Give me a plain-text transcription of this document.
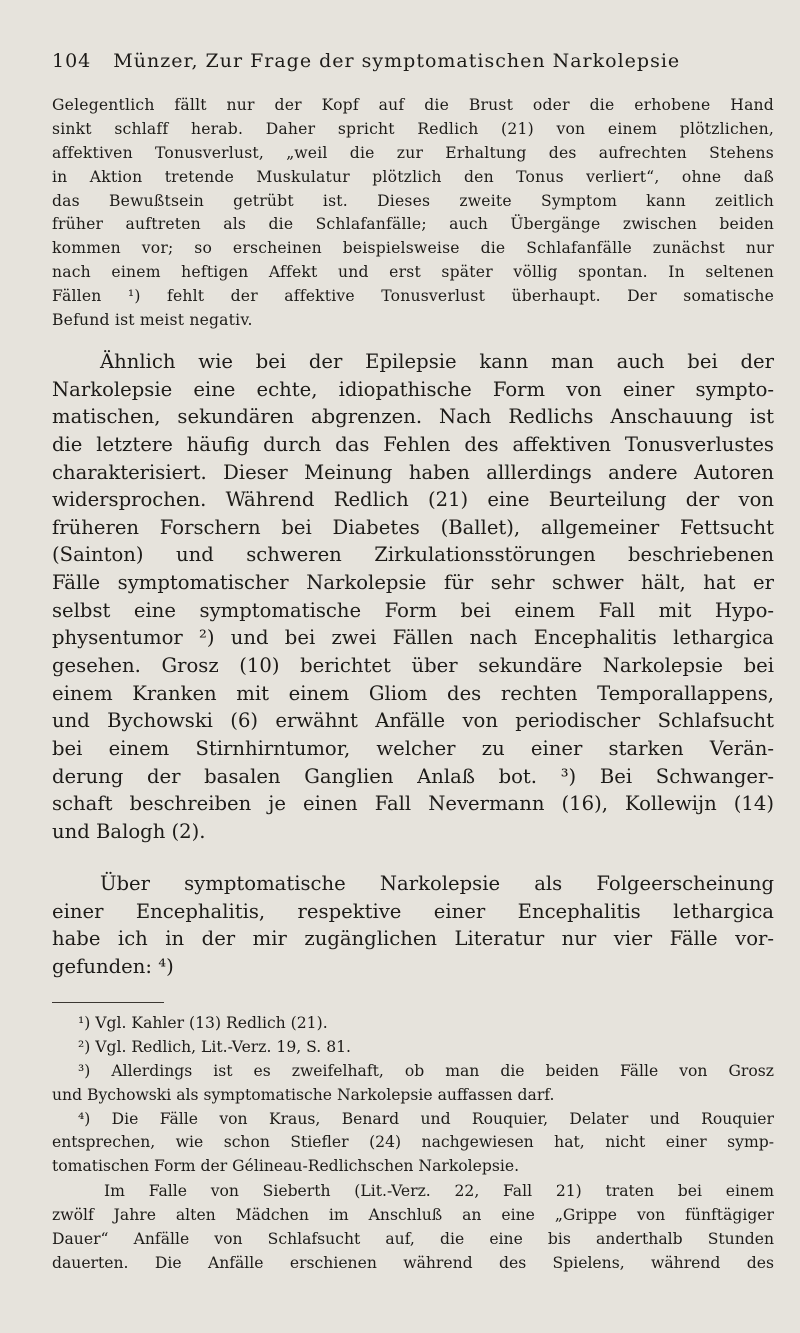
104 Münzer, Zur Frage der symptomatischen Narkolepsie
Gelegentlich fällt nur der Kopf auf die Brust oder die erhobene Hand
sinkt schlaff herab. Daher spricht Redlich (21) von einem plötzlichen,
affektiven Tonusverlust, „weil die zur Erhaltung des aufrechten Stehens
in Aktion tretende Muskulatur plötzlich den Tonus verliert“, ohne daß
das Bewußtsein getrübt ist. Dieses zweite Symptom kann zeitlich
früher auftreten als die Schlafanfälle; auch Übergänge zwischen beiden
kommen vor; so erscheinen beispielsweise die Schlafanfälle zunächst nur
nach einem heftigen Affekt und erst später völlig spontan. In seltenen
Fällen ¹) fehlt der affektive Tonusverlust überhaupt. Der somatische
Befund ist meist negativ.
Ähnlich wie bei der Epilepsie kann man auch bei der
Narkolepsie eine echte, idiopathische Form von einer sympto-
matischen, sekundären abgrenzen. Nach Redlichs Anschauung ist
die letztere häufig durch das Fehlen des affektiven Tonusverlustes
charakterisiert. Dieser Meinung haben alllerdings andere Autoren
widersprochen. Während Redlich (21) eine Beurteilung der von
früheren Forschern bei Diabetes (Ballet), allgemeiner Fettsucht
(Sainton) und schweren Zirkulationsstörungen beschriebenen
Fälle symptomatischer Narkolepsie für sehr schwer hält, hat er
selbst eine symptomatische Form bei einem Fall mit Hypo-
physentumor ²) und bei zwei Fällen nach Encephalitis lethargica
gesehen. Grosz (10) berichtet über sekundäre Narkolepsie bei
einem Kranken mit einem Gliom des rechten Temporallappens,
und Bychowski (6) erwähnt Anfälle von periodischer Schlafsucht
bei einem Stirnhirntumor, welcher zu einer starken Verän-
derung der basalen Ganglien Anlaß bot. ³) Bei Schwanger-
schaft beschreiben je einen Fall Nevermann (16), Kollewijn (14)
und Balogh (2).
Über symptomatische Narkolepsie als Folgeerscheinung
einer Encephalitis, respektive einer Encephalitis lethargica
habe ich in der mir zugänglichen Literatur nur vier Fälle vor-
gefunden: ⁴)
¹) Vgl. Kahler (13) Redlich (21).
²) Vgl. Redlich, Lit.-Verz. 19, S. 81.
³) Allerdings ist es zweifelhaft, ob man die beiden Fälle von Grosz
und Bychowski als symptomatische Narkolepsie auffassen darf.
⁴) Die Fälle von Kraus, Benard und Rouquier, Delater und Rouquier
entsprechen, wie schon Stiefler (24) nachgewiesen hat, nicht einer symp-
tomatischen Form der Gélineau-Redlichschen Narkolepsie.
Im Falle von Sieberth (Lit.-Verz. 22, Fall 21) traten bei einem
zwölf Jahre alten Mädchen im Anschluß an eine „Grippe von fünftägiger
Dauer“ Anfälle von Schlafsucht auf, die eine bis anderthalb Stunden
dauerten. Die Anfälle erschienen während des Spielens, während des
